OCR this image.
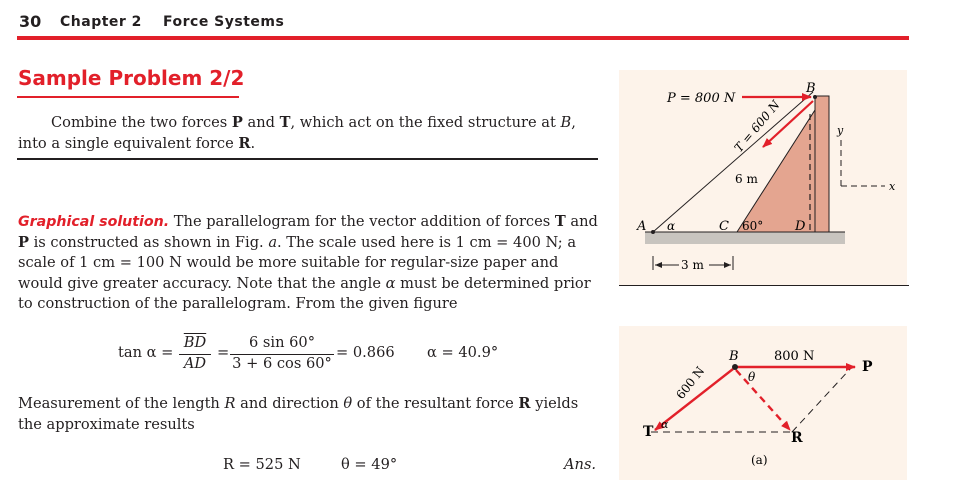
30 Chapter 2 Force Systems
Sample Problem 2/2
Combine the two forces P and T, which act on the fixed structure at B, into a single equivalent force R.
Graphical solution. The parallelogram for the vector addition of forces T and P is constructed as shown in Fig. a. The scale used here is 1 cm = 400 N; a scale of 1 cm = 100 N would be more suitable for regular-size paper and would give greater accuracy. Note that the angle α must be determined prior to construction of the parallelogram. From the given figure
tan α =
$\overline{BD}$
$\overline{AD}$
=
6 sin 60°
3 + 6 cos 60°
= 0.866 α = 40.9°
Measurement of the length R and direction θ of the resultant force R yields the approximate results
R = 525 N	θ = 49°	Ans.
P = 800 N
B
T = 600 N
6 m
A α	C 60° D
3 m
y
x
B	800 N
P
600 N	θ
T α
R
(a)
